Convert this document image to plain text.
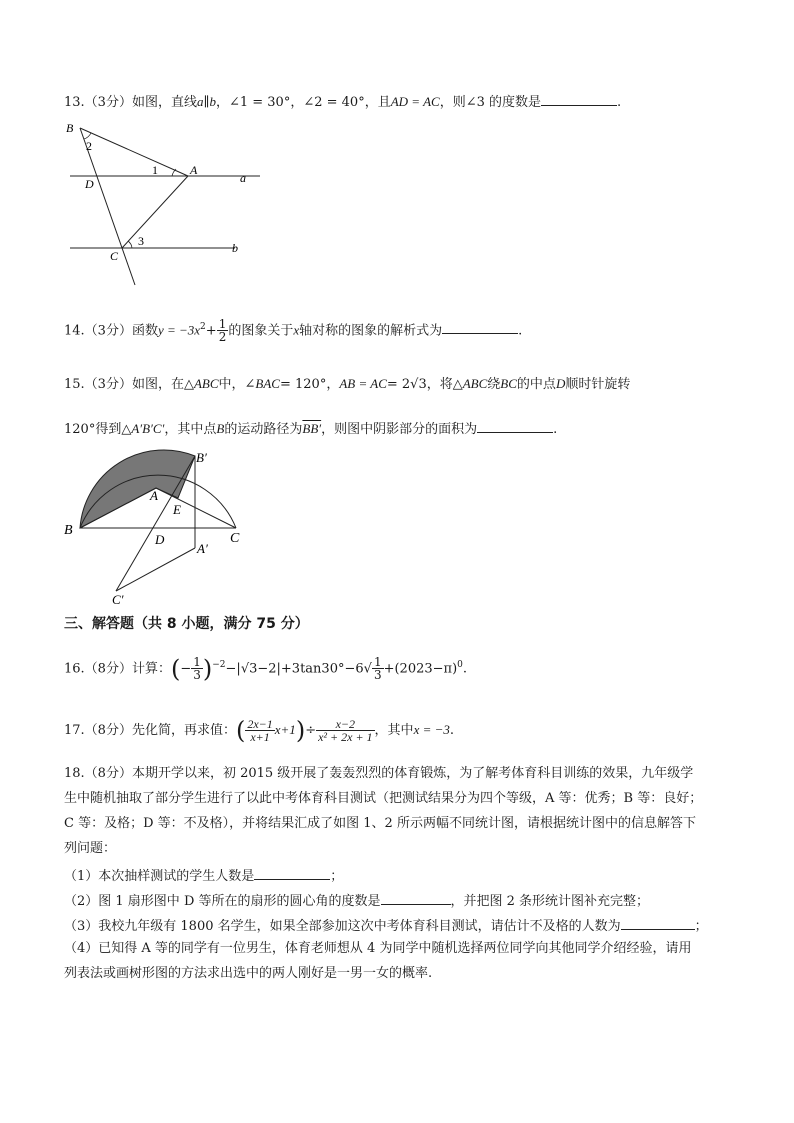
13.（3分）如图，直线a∥b，∠1 = 30°，∠2 = 40°，且AD = AC，则∠3 的度数是	.
B
2
D
1	A
a
3
C
b
14.（3分）函数$y = -3x^2+ \frac{1}{2}$ 的图象关于x轴对称的图象的解析式为	.
15.（3分）如图，在△ABC中，∠BAC= 120°，AB = AC= 2√3，将△ABC绕BC的中点D顺时针旋转
120°得到△A′B′C′，其中点B的运动路径为BB′，则图中阴影部分的面积为	.
B
A
E
D
A′
B′
C
C′
三、解答题（共 8 小题，满分 75 分）
16.（8分）计算：(− $\frac{1}{3} )^{-2}-|√3-2|+3\tan 30^\circ-6√ \frac{1}{3} +(2023-\pi)^0$.
17.（8分）先化简，再求值：( $\frac{2x-1}{x+1} x+1)\div \frac{x-2}{\text{x² + 2x + 1}}$ ，其中x = −3.
18.（8分）本期开学以来，初 2015 级开展了轰轰烈烈的体育锻炼，为了解考体育科目训练的效果，九年级学
生中随机抽取了部分学生进行了以此中考体育科目测试（把测试结果分为四个等级，A 等：优秀；B 等：良好；
C 等：及格；D 等：不及格），并将结果汇成了如图 1、2 所示两幅不同统计图，请根据统计图中的信息解答下
列问题：
（1）本次抽样测试的学生人数是	；
（2）图 1 扇形图中 D 等所在的扇形的圆心角的度数是	，并把图 2 条形统计图补充完整；
（3）我校九年级有 1800 名学生，如果全部参加这次中考体育科目测试，请估计不及格的人数为	；
（4）已知得 A 等的同学有一位男生，体育老师想从 4 为同学中随机选择两位同学向其他同学介绍经验，请用
列表法或画树形图的方法求出选中的两人刚好是一男一女的概率.
